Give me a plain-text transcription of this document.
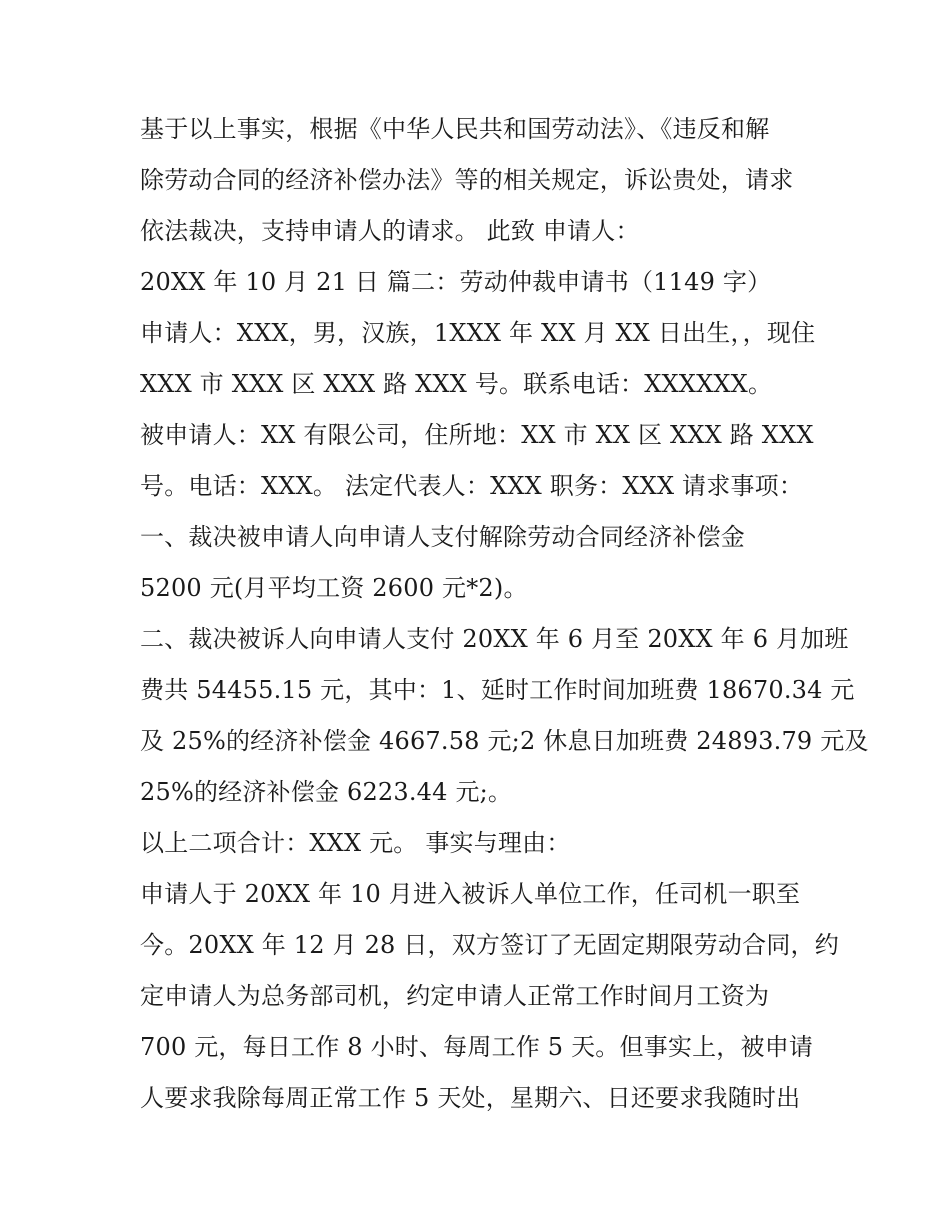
基于以上事实，根据《中华人民共和国劳动法》、《违反和解
除劳动合同的经济补偿办法》等的相关规定，诉讼贵处，请求
依法裁决，支持申请人的请求。 此致 申请人：
20XX 年 10 月 21 日 篇二：劳动仲裁申请书（1149 字）
申请人：XXX，男，汉族，1XXX 年 XX 月 XX 日出生，，现住
XXX 市 XXX 区 XXX 路 XXX 号。联系电话：XXXXXX。
被申请人：XX 有限公司，住所地：XX 市 XX 区 XXX 路 XXX
号。电话：XXX。 法定代表人：XXX 职务：XXX 请求事项：
一、裁决被申请人向申请人支付解除劳动合同经济补偿金
5200 元(月平均工资 2600 元*2)。
二、裁决被诉人向申请人支付 20XX 年 6 月至 20XX 年 6 月加班
费共 54455.15 元，其中：1、延时工作时间加班费 18670.34 元
及 25%的经济补偿金 4667.58 元;2 休息日加班费 24893.79 元及
25%的经济补偿金 6223.44 元;。
以上二项合计：XXX 元。 事实与理由：
申请人于 20XX 年 10 月进入被诉人单位工作，任司机一职至
今。20XX 年 12 月 28 日，双方签订了无固定期限劳动合同，约
定申请人为总务部司机，约定申请人正常工作时间月工资为
700 元，每日工作 8 小时、每周工作 5 天。但事实上，被申请
人要求我除每周正常工作 5 天处，星期六、日还要求我随时出
